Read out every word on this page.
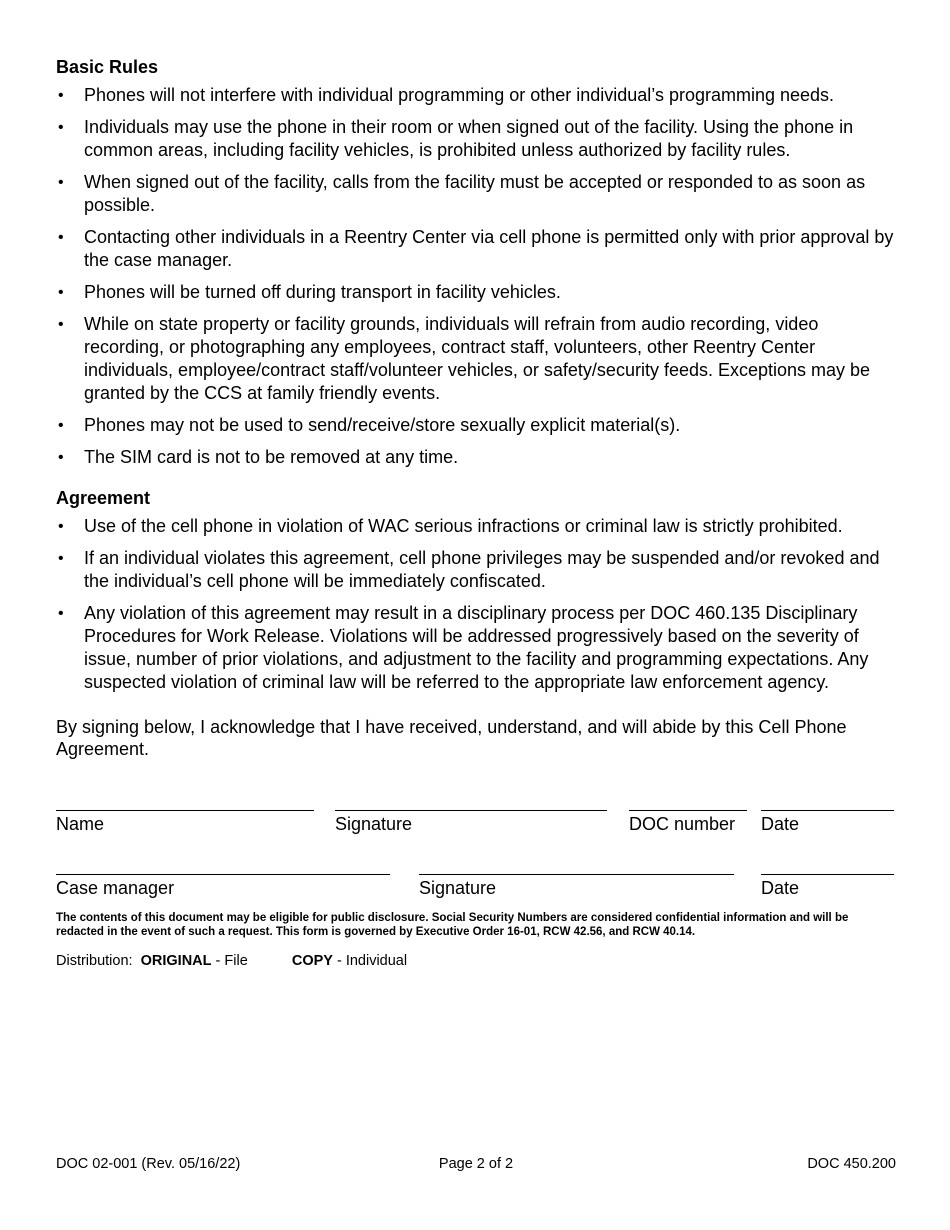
Basic Rules
• Phones will not interfere with individual programming or other individual’s programming needs.
• Individuals may use the phone in their room or when signed out of the facility. Using the phone in common areas, including facility vehicles, is prohibited unless authorized by facility rules.
• When signed out of the facility, calls from the facility must be accepted or responded to as soon as possible.
• Contacting other individuals in a Reentry Center via cell phone is permitted only with prior approval by the case manager.
• Phones will be turned off during transport in facility vehicles.
• While on state property or facility grounds, individuals will refrain from audio recording, video recording, or photographing any employees, contract staff, volunteers, other Reentry Center individuals, employee/contract staff/volunteer vehicles, or safety/security feeds. Exceptions may be granted by the CCS at family friendly events.
• Phones may not be used to send/receive/store sexually explicit material(s).
• The SIM card is not to be removed at any time.
Agreement
• Use of the cell phone in violation of WAC serious infractions or criminal law is strictly prohibited.
• If an individual violates this agreement, cell phone privileges may be suspended and/or revoked and the individual’s cell phone will be immediately confiscated.
• Any violation of this agreement may result in a disciplinary process per DOC 460.135 Disciplinary Procedures for Work Release. Violations will be addressed progressively based on the severity of issue, number of prior violations, and adjustment to the facility and programming expectations. Any suspected violation of criminal law will be referred to the appropriate law enforcement agency.
By signing below, I acknowledge that I have received, understand, and will abide by this Cell Phone Agreement.
Name	Signature	DOC number	Date
Case manager	Signature	Date
The contents of this document may be eligible for public disclosure. Social Security Numbers are considered confidential information and will be redacted in the event of such a request. This form is governed by Executive Order 16-01, RCW 42.56, and RCW 40.14.
Distribution: ORIGINAL - File	COPY - Individual
DOC 02-001 (Rev. 05/16/22)	Page 2 of 2	DOC 450.200
